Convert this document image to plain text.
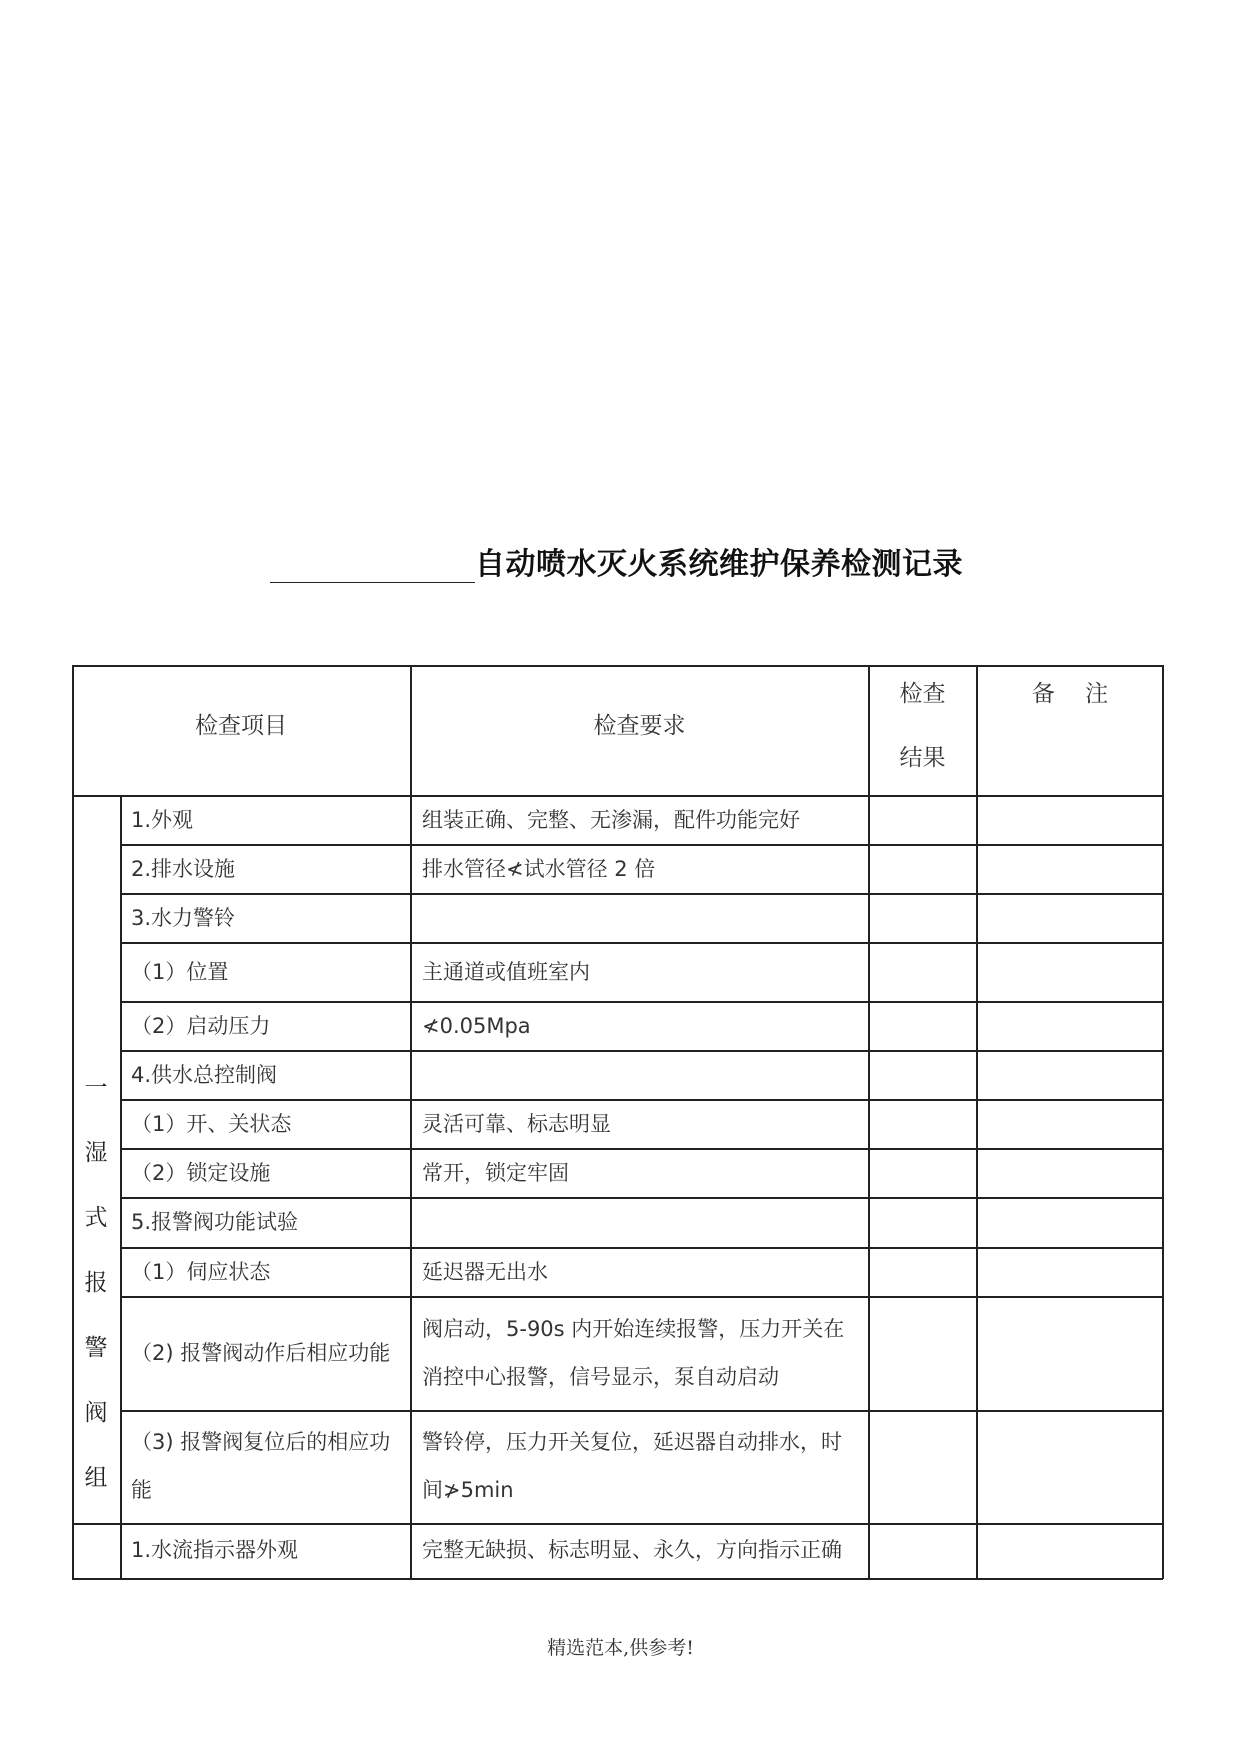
自动喷水灭火系统维护保养检测记录
检查项目	检查要求
检查
结果
备　 注
一
湿
式
报
警
阀
组
1.外观
2.排水设施
3.水力警铃
（1）位置
（2）启动压力
4.供水总控制阀
（1）开、关状态
（2）锁定设施
5.报警阀功能试验
（1）伺应状态
（2) 报警阀动作后相应功能
（3) 报警阀复位后的相应功能
1.水流指示器外观
组装正确、完整、无渗漏，配件功能完好
排水管径≮试水管径 2 倍
主通道或值班室内
≮0.05Mpa
灵活可靠、标志明显
常开，锁定牢固
延迟器无出水
阀启动，5-90s 内开始连续报警，压力开关在消控中心报警，信号显示，泵自动启动
警铃停，压力开关复位，延迟器自动排水，时间≯5min
完整无缺损、标志明显、永久，方向指示正确
精选范本,供参考!
